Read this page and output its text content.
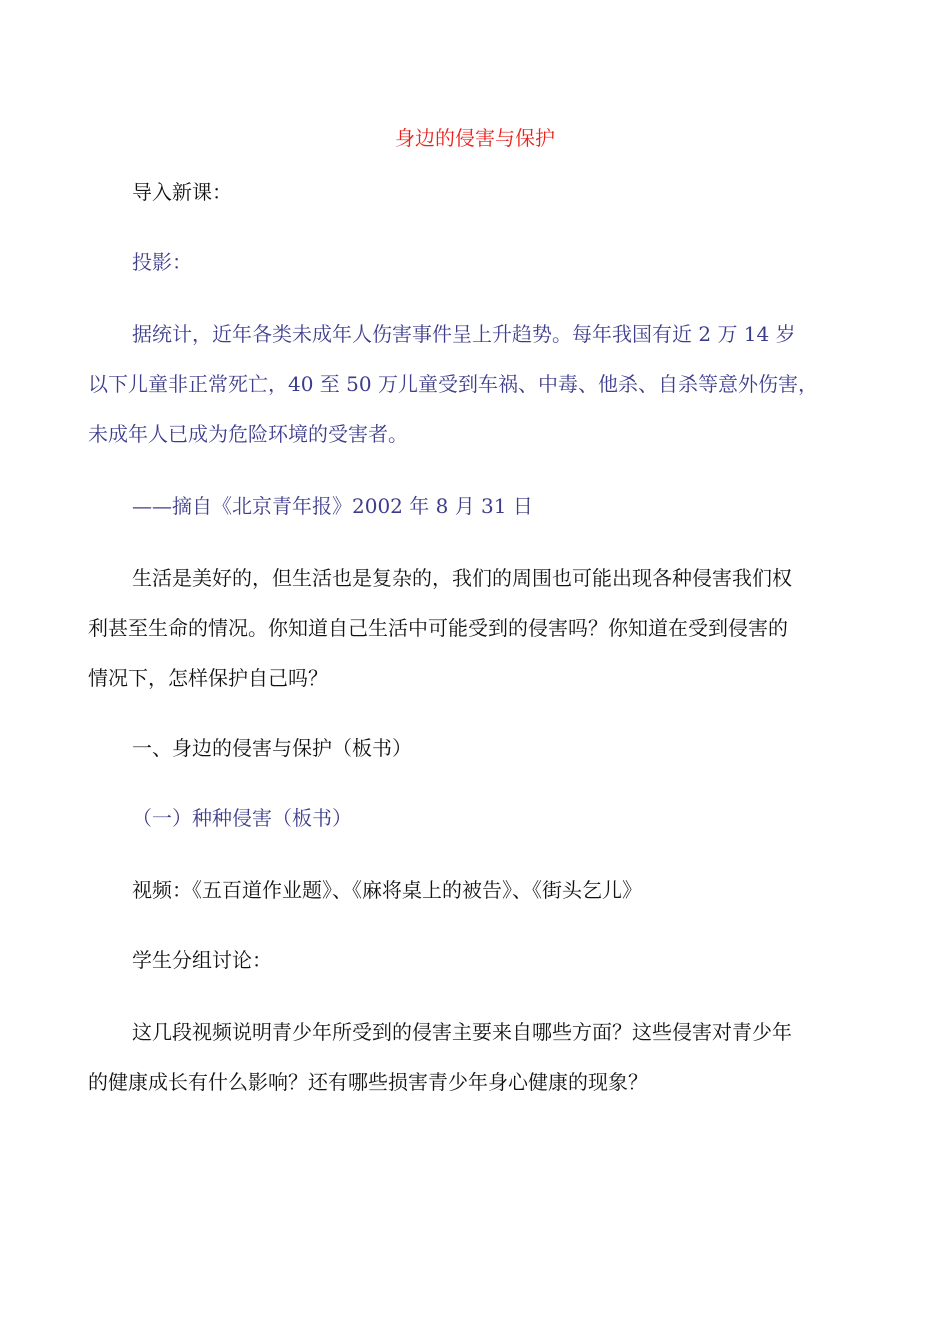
身边的侵害与保护
导入新课：
投影：
据统计，近年各类未成年人伤害事件呈上升趋势。每年我国有近 2 万 14 岁
以下儿童非正常死亡，40 至 50 万儿童受到车祸、中毒、他杀、自杀等意外伤害，
未成年人已成为危险环境的受害者。
——摘自《北京青年报》2002 年 8 月 31 日
生活是美好的，但生活也是复杂的，我们的周围也可能出现各种侵害我们权
利甚至生命的情况。你知道自己生活中可能受到的侵害吗？你知道在受到侵害的
情况下，怎样保护自己吗？
一、身边的侵害与保护（板书）
（一）种种侵害（板书）
视频：《五百道作业题》、《麻将桌上的被告》、《街头乞儿》
学生分组讨论：
这几段视频说明青少年所受到的侵害主要来自哪些方面？这些侵害对青少年
的健康成长有什么影响？还有哪些损害青少年身心健康的现象？
